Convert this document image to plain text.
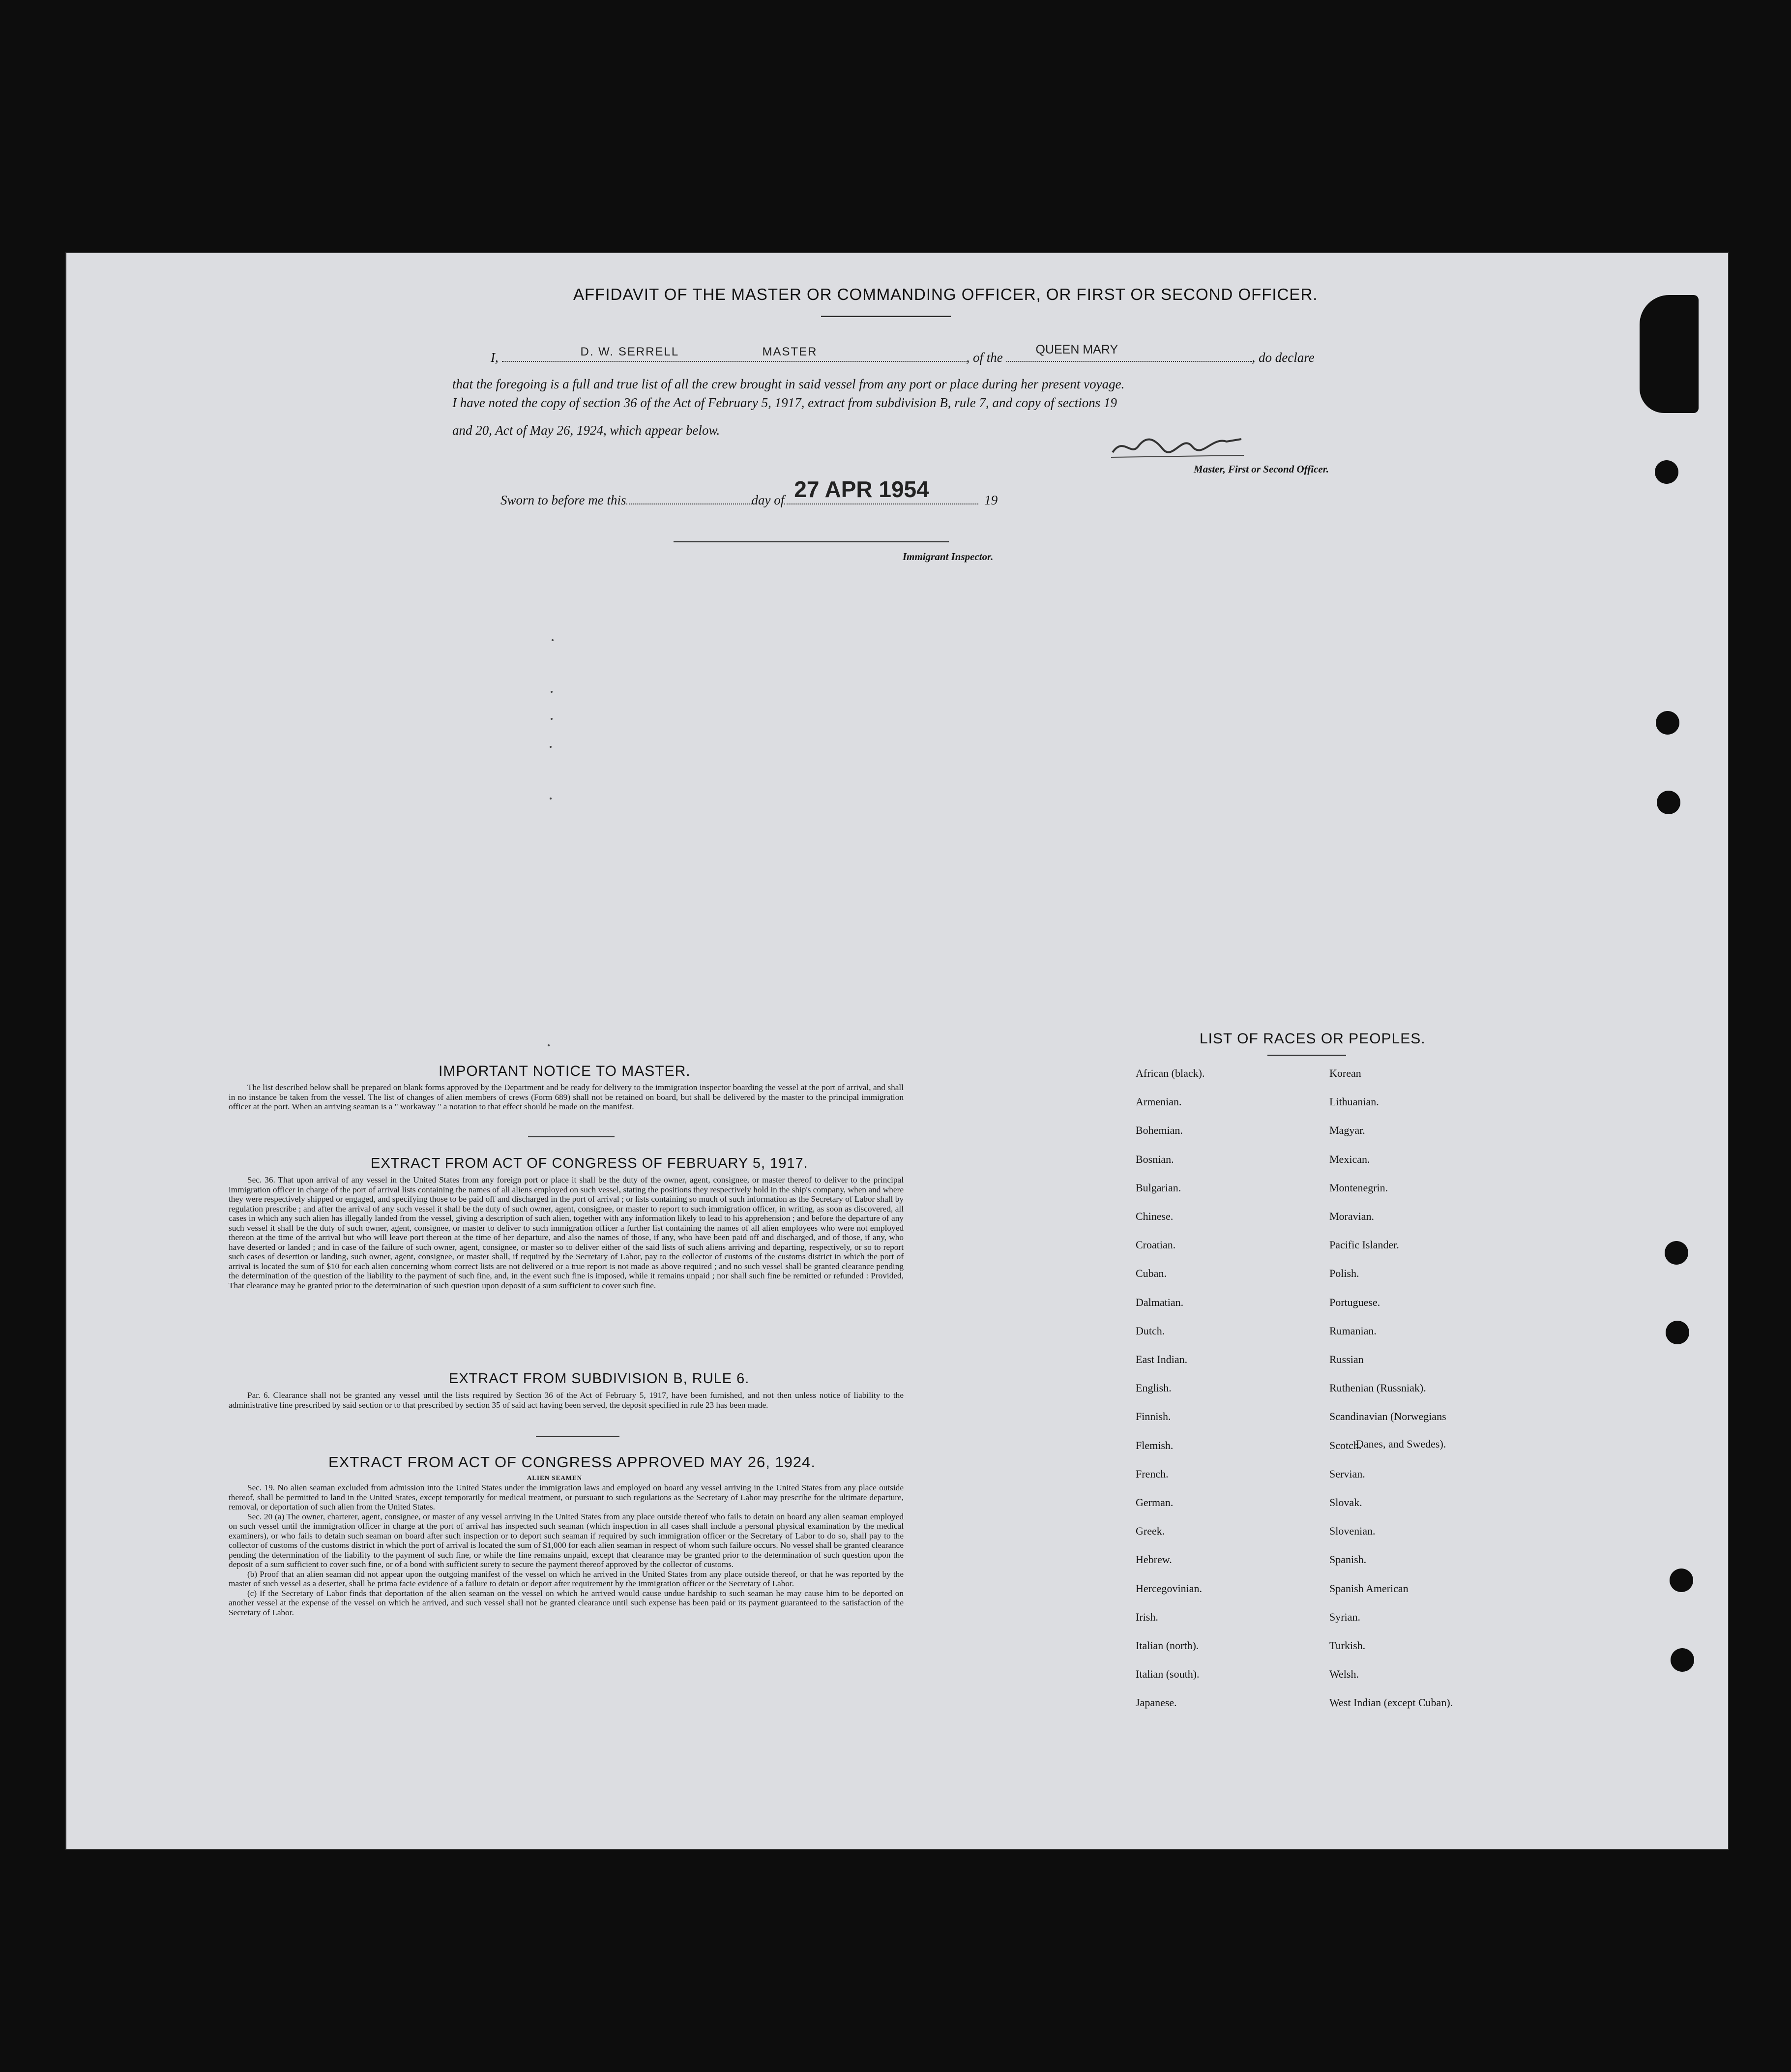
AFFIDAVIT OF THE MASTER OR COMMANDING OFFICER, OR FIRST OR SECOND OFFICER.
I,	D. W. SERRELL	MASTER	, of the
QUEEN MARY
, do declare
that the foregoing is a full and true list of all the crew brought in said vessel from any port or place during her present voyage.
I have noted the copy of section 36 of the Act of February 5, 1917, extract from subdivision B, rule 7, and copy of sections 19
and 20, Act of May 26, 1924, which appear below.
Master, First or Second Officer.
Sworn to before me this	day of 27 APR 1954	19
Immigrant Inspector.
IMPORTANT NOTICE TO MASTER.

The list described below shall be prepared on blank forms approved by the Department and be ready for delivery to the immigration inspector boarding the vessel at the port of arrival, and shall in no instance be taken from the vessel. The list of changes of alien members of crews (Form 689) shall not be retained on board, but shall be delivered by the master to the principal immigration officer at the port. When an arriving seaman is a " workaway " a notation to that effect should be made on the manifest.

EXTRACT FROM ACT OF CONGRESS OF FEBRUARY 5, 1917.

Sec. 36. That upon arrival of any vessel in the United States from any foreign port or place it shall be the duty of the owner, agent, consignee, or master thereof to deliver to the principal immigration officer in charge of the port of arrival lists containing the names of all aliens employed on such vessel, stating the positions they respectively hold in the ship's company, when and where they were respectively shipped or engaged, and specifying those to be paid off and discharged in the port of arrival ; or lists containing so much of such information as the Secretary of Labor shall by regulation prescribe ; and after the arrival of any such vessel it shall be the duty of such owner, agent, consignee, or master to report to such immigration officer, in writing, as soon as discovered, all cases in which any such alien has illegally landed from the vessel, giving a description of such alien, together with any information likely to lead to his apprehension ; and before the departure of any such vessel it shall be the duty of such owner, agent, consignee, or master to deliver to such immigration officer a further list containing the names of all alien employees who were not employed thereon at the time of the arrival but who will leave port thereon at the time of her departure, and also the names of those, if any, who have been paid off and discharged, and of those, if any, who have deserted or landed ; and in case of the failure of such owner, agent, consignee, or master so to deliver either of the said lists of such aliens arriving and departing, respectively, or so to report such cases of desertion or landing, such owner, agent, consignee, or master shall, if required by the Secretary of Labor, pay to the collector of customs of the customs district in which the port of arrival is located the sum of $10 for each alien concerning whom correct lists are not delivered or a true report is not made as above required ; and no such vessel shall be granted clearance pending the determination of the question of the liability to the payment of such fine, and, in the event such fine is imposed, while it remains unpaid ; nor shall such fine be remitted or refunded : Provided, That clearance may be granted prior to the determination of such question upon deposit of a sum sufficient to cover such fine.

EXTRACT FROM SUBDIVISION B, RULE 6.

Par. 6. Clearance shall not be granted any vessel until the lists required by Section 36 of the Act of February 5, 1917, have been furnished, and not then unless notice of liability to the administrative fine prescribed by said section or to that prescribed by section 35 of said act having been served, the deposit specified in rule 23 has been made.

EXTRACT FROM ACT OF CONGRESS APPROVED MAY 26, 1924.
ALIEN SEAMEN

Sec. 19. No alien seaman excluded from admission into the United States under the immigration laws and employed on board any vessel arriving in the United States from any place outside thereof, shall be permitted to land in the United States, except temporarily for medical treatment, or pursuant to such regulations as the Secretary of Labor may prescribe for the ultimate departure, removal, or deportation of such alien from the United States.

Sec. 20 (a) The owner, charterer, agent, consignee, or master of any vessel arriving in the United States from any place outside thereof who fails to detain on board any alien seaman employed on such vessel until the immigration officer in charge at the port of arrival has inspected such seaman (which inspection in all cases shall include a personal physical examination by the medical examiners), or who fails to detain such seaman on board after such inspection or to deport such seaman if required by such immigration officer or the Secretary of Labor to do so, shall pay to the collector of customs of the customs district in which the port of arrival is located the sum of $1,000 for each alien seaman in respect of whom such failure occurs. No vessel shall be granted clearance pending the determination of the liability to the payment of such fine, or while the fine remains unpaid, except that clearance may be granted prior to the determination of such question upon the deposit of a sum sufficient to cover such fine, or of a bond with sufficient surety to secure the payment thereof approved by the collector of customs.

(b) Proof that an alien seaman did not appear upon the outgoing manifest of the vessel on which he arrived in the United States from any place outside thereof, or that he was reported by the master of such vessel as a deserter, shall be prima facie evidence of a failure to detain or deport after requirement by the immigration officer or the Secretary of Labor.

(c) If the Secretary of Labor finds that deportation of the alien seaman on the vessel on which he arrived would cause undue hardship to such seaman he may cause him to be deported on another vessel at the expense of the vessel on which he arrived, and such vessel shall not be granted clearance until such expense has been paid or its payment guaranteed to the satisfaction of the Secretary of Labor.

LIST OF RACES OR PEOPLES.
African (black).
Armenian.
Bohemian.
Bosnian.
Bulgarian.
Chinese.
Croatian.
Cuban.
Dalmatian.
Dutch.
East Indian.
English.
Finnish.
Flemish.
French.
German.
Greek.
Hebrew.
Hercegovinian.
Irish.
Italian (north).
Italian (south).
Japanese.
Korean
Lithuanian.
Magyar.
Mexican.
Montenegrin.
Moravian.
Pacific Islander.
Polish.
Portuguese.
Rumanian.
Russian
Ruthenian (Russniak).
Scandinavian (Norwegians
Scotch.
Servian.
Slovak.
Slovenian.
Spanish.
Spanish American
Syrian.
Turkish.
Welsh.
West Indian (except Cuban).
Danes, and Swedes).
